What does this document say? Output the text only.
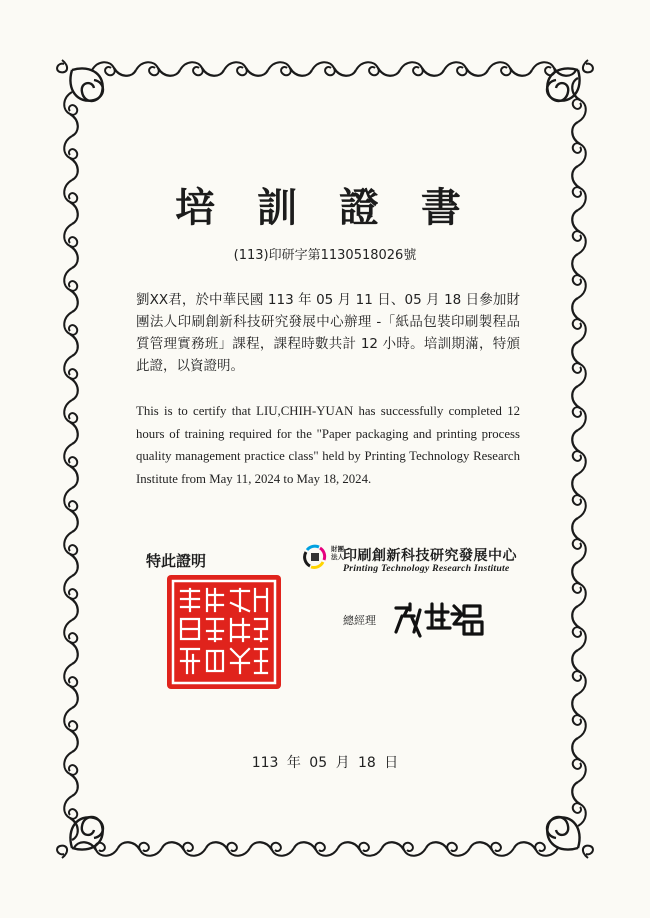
培 訓 證 書
(113)印研字第1130518026號
劉XX君，於中華民國 113 年 05 月 11 日、05 月 18 日參加財團法人印刷創新科技研究發展中心辦理 -「紙品包裝印刷製程品質管理實務班」課程，課程時數共計 12 小時。培訓期滿，特頒此證，以資證明。
This is to certify that LIU,CHIH-YUAN has successfully completed 12 hours of training required for the "Paper packaging and printing process quality management practice class" held by Printing Technology Research Institute from May 11, 2024 to May 18, 2024.
特此證明
財團
法人 印刷創新科技研究發展中心
Printing Technology Research Institute
總經理
113 年 05 月 18 日
